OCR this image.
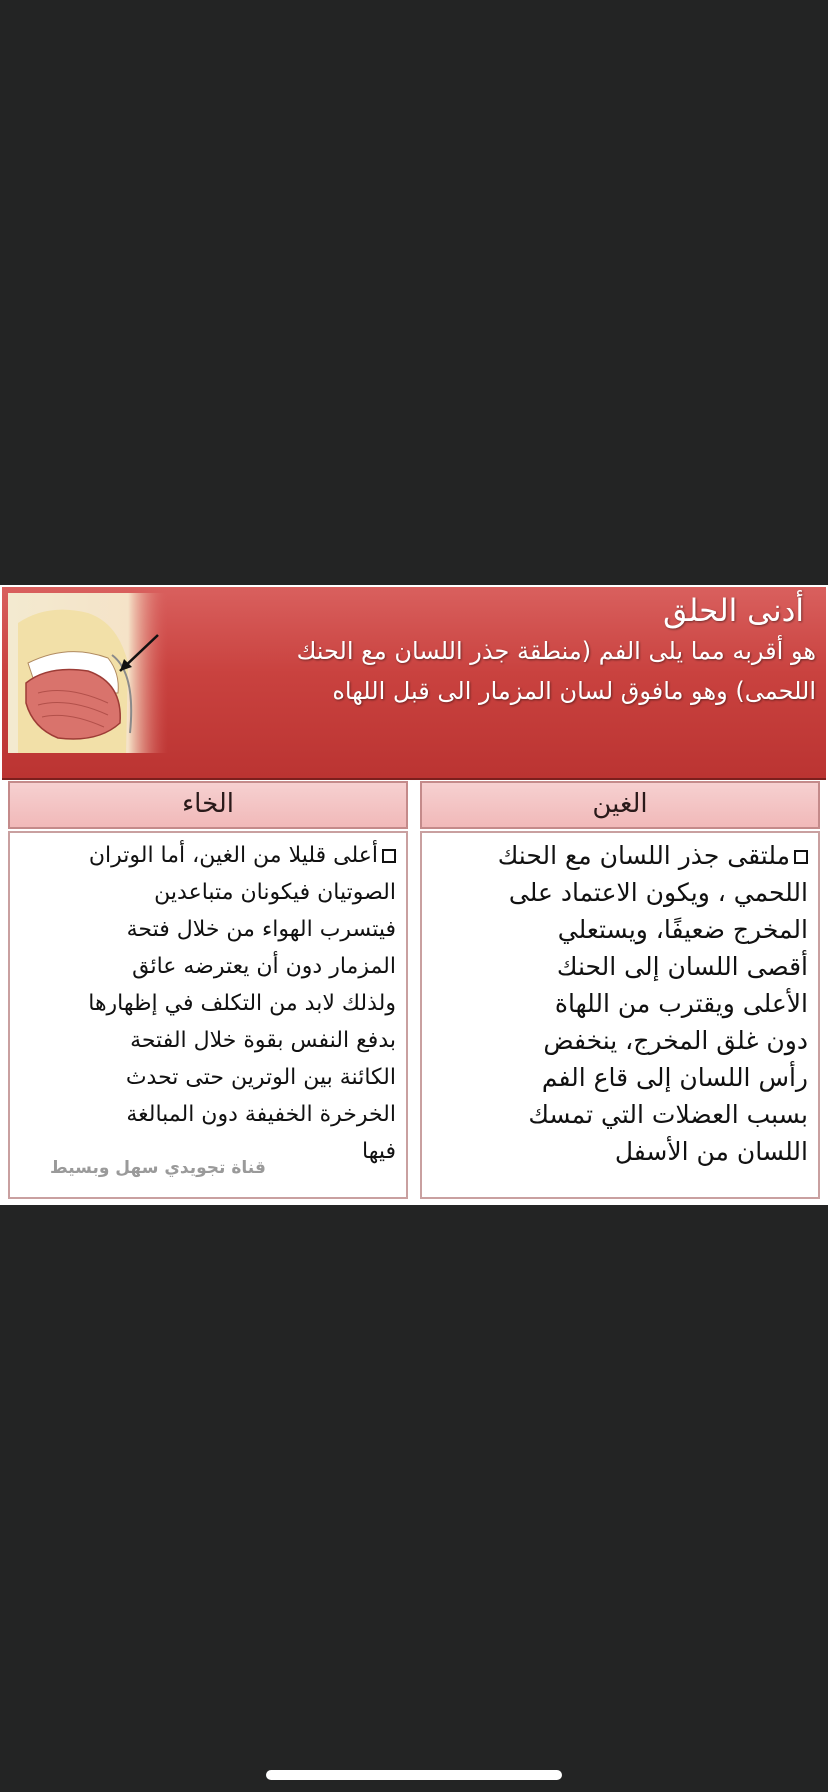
أدنى الحلق
هو أقربه مما يلى الفم (منطقة جذر اللسان مع الحنك
اللحمى) وهو مافوق لسان المزمار الى قبل اللهاه
الغين
الخاء
ملتقى جذر اللسان مع الحنك
اللحمي ، ويكون الاعتماد على
المخرج ضعيفًا، ويستعلي
أقصى اللسان إلى الحنك
الأعلى ويقترب من اللهاة
دون غلق المخرج، ينخفض
رأس اللسان إلى قاع الفم
بسبب العضلات التي تمسك
اللسان من الأسفل
أعلى قليلا من الغين، أما الوتران
الصوتيان فيكونان متباعدين
فيتسرب الهواء من خلال فتحة
المزمار دون أن يعترضه عائق
ولذلك لابد من التكلف في إظهارها
بدفع النفس بقوة خلال الفتحة
الكائنة بين الوترين حتى تحدث
الخرخرة الخفيفة دون المبالغة
فيها
قناة تجويدي سهل وبسيط
